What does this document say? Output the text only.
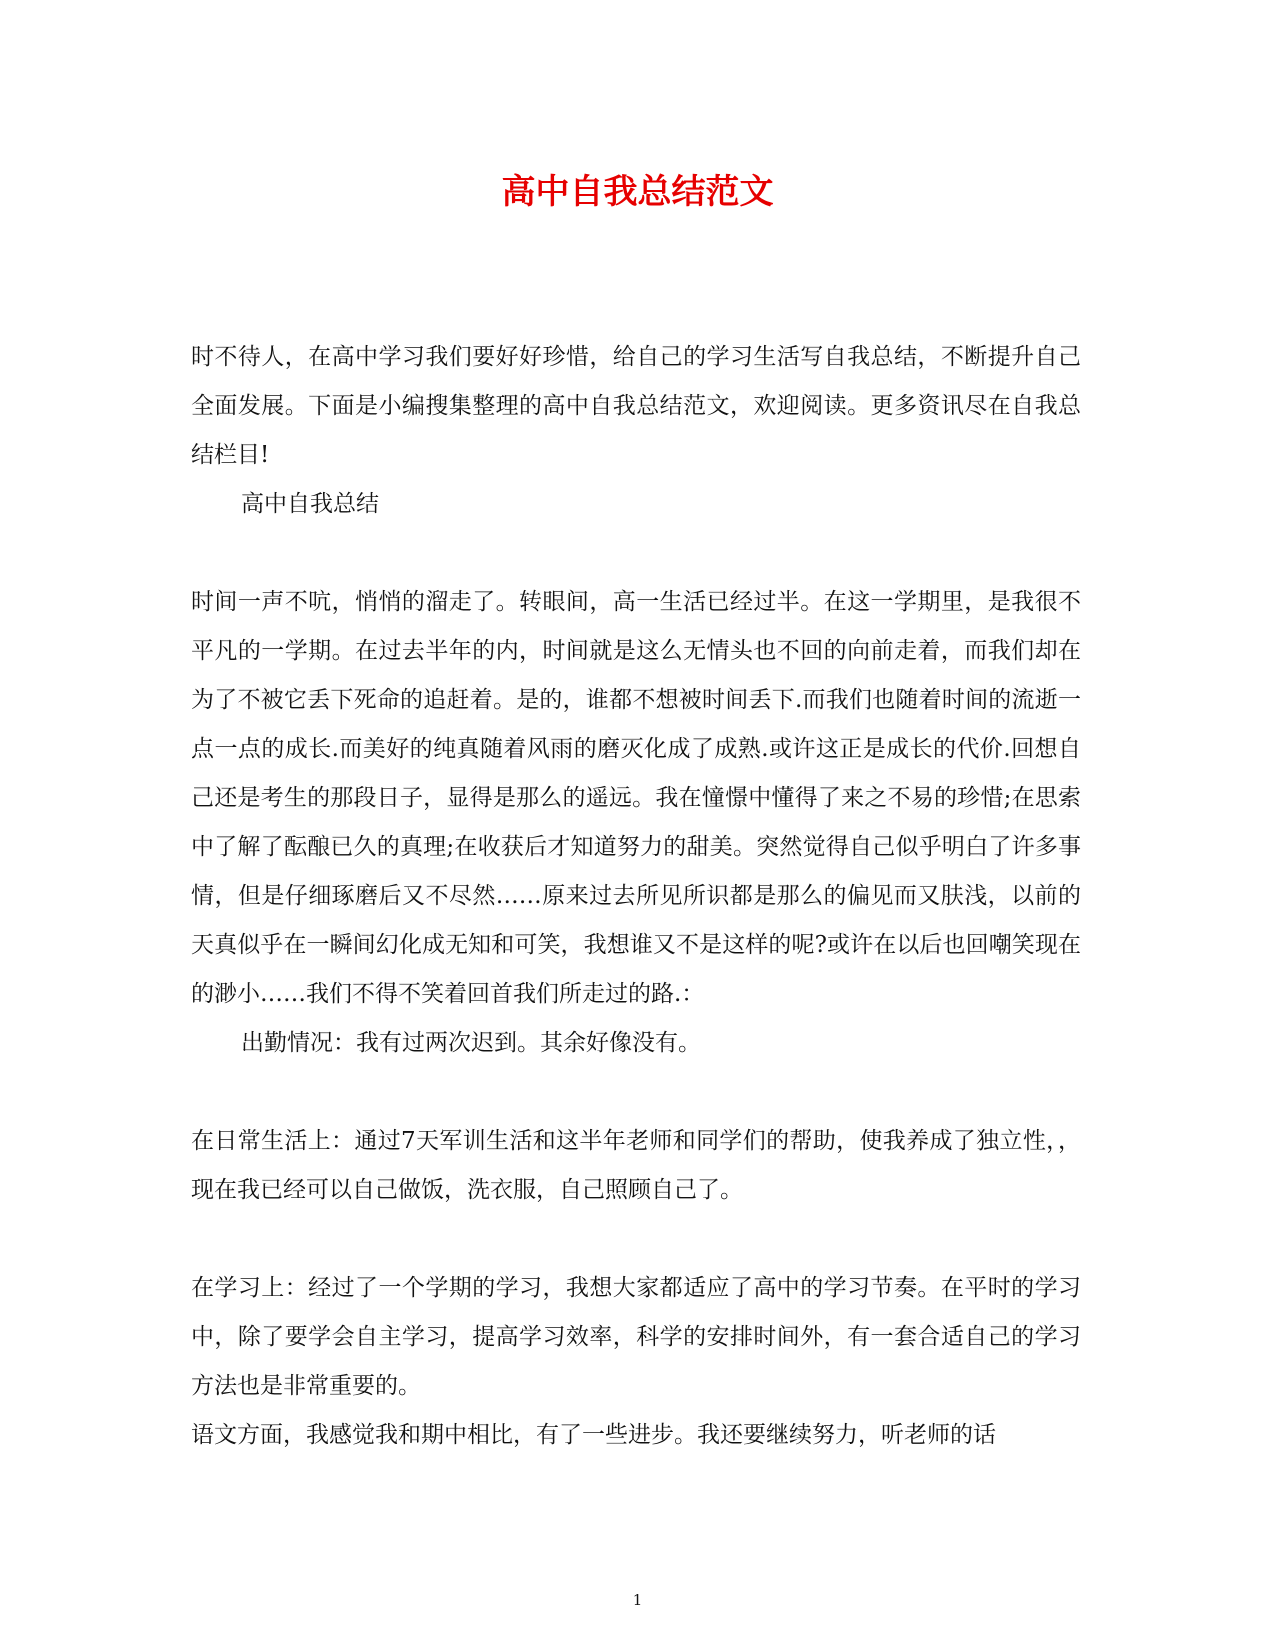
高中自我总结范文

时不待人，在高中学习我们要好好珍惜，给自己的学习生活写自我总结，不断提升自己全面发展。下面是小编搜集整理的高中自我总结范文，欢迎阅读。更多资讯尽在自我总结栏目!

高中自我总结

时间一声不吭，悄悄的溜走了。转眼间，高一生活已经过半。在这一学期里，是我很不平凡的一学期。在过去半年的内，时间就是这么无情头也不回的向前走着，而我们却在为了不被它丢下死命的追赶着。是的，谁都不想被时间丢下.而我们也随着时间的流逝一点一点的成长.而美好的纯真随着风雨的磨灭化成了成熟.或许这正是成长的代价.回想自己还是考生的那段日子，显得是那么的遥远。我在憧憬中懂得了来之不易的珍惜;在思索中了解了酝酿已久的真理;在收获后才知道努力的甜美。突然觉得自己似乎明白了许多事情，但是仔细琢磨后又不尽然……原来过去所见所识都是那么的偏见而又肤浅，以前的天真似乎在一瞬间幻化成无知和可笑，我想谁又不是这样的呢?或许在以后也回嘲笑现在的渺小……我们不得不笑着回首我们所走过的路.：

出勤情况：我有过两次迟到。其余好像没有。

在日常生活上：通过7天军训生活和这半年老师和同学们的帮助，使我养成了独立性，，现在我已经可以自己做饭，洗衣服，自己照顾自己了。

在学习上：经过了一个学期的学习，我想大家都适应了高中的学习节奏。在平时的学习中，除了要学会自主学习，提高学习效率，科学的安排时间外，有一套合适自己的学习方法也是非常重要的。

语文方面，我感觉我和期中相比，有了一些进步。我还要继续努力，听老师的话

1
